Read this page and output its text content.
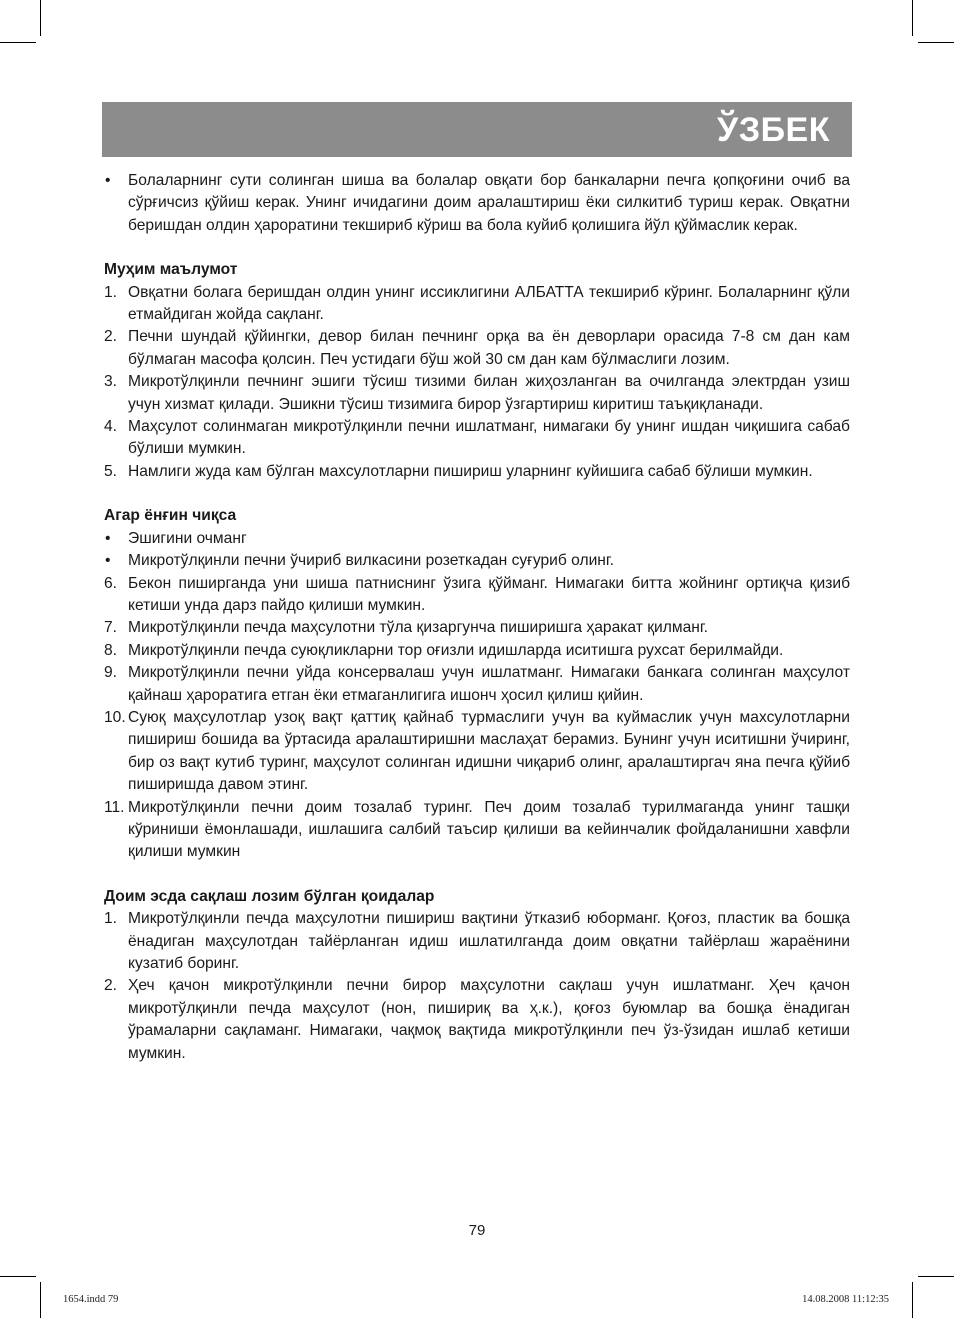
ЎЗБЕК
• Болаларнинг сути солинган шиша ва болалар овқати бор банкаларни печга қопқоғини очиб ва сўрғичсиз қўйиш керак. Унинг ичидагини доим аралаштириш ёки силкитиб туриш керак. Овқатни беришдан олдин ҳароратини текшириб кўриш ва бола куйиб қолишига йўл қўймаслик керак.
Муҳим маълумот
1. Овқатни болага беришдан олдин унинг иссиклигини АЛБАТТА текшириб кўринг. Болаларнинг қўли етмайдиган жойда сақланг.
2. Печни шундай қўйингки, девор билан печнинг орқа ва ён деворлари орасида 7-8 см дан кам бўлмаган масофа қолсин. Печ устидаги бўш жой 30 см дан кам бўлмаслиги лозим.
3. Микротўлқинли печнинг эшиги тўсиш тизими билан жиҳозланган ва очилганда электрдан узиш учун хизмат қилади. Эшикни тўсиш тизимига бирор ўзгартириш киритиш таъқиқланади.
4. Маҳсулот солинмаган микротўлқинли печни ишлатманг, нимагаки бу унинг ишдан чиқишига сабаб бўлиши мумкин.
5. Намлиги жуда кам бўлган махсулотларни пишириш уларнинг куйишига сабаб бўлиши мумкин.
Агар ёнғин чиқса
• Эшигини очманг
• Микротўлқинли печни ўчириб вилкасини розеткадан суғуриб олинг.
6. Бекон пиширганда уни шиша патниснинг ўзига қўйманг. Нимагаки битта жойнинг ортиқча қизиб кетиши унда дарз пайдо қилиши мумкин.
7. Микротўлқинли печда маҳсулотни тўла қизаргунча пиширишга ҳаракат қилманг.
8. Микротўлқинли печда суюқликларни тор оғизли идишларда иситишга рухсат берилмайди.
9. Микротўлқинли печни уйда консервалаш учун ишлатманг. Нимагаки банкага солинган маҳсулот қайнаш ҳароратига етган ёки етмаганлигига ишонч ҳосил қилиш қийин.
10. Суюқ маҳсулотлар узоқ вақт қаттиқ қайнаб турмаслиги учун ва куймаслик учун махсулотларни пишириш бошида ва ўртасида аралаштиришни маслаҳат берамиз. Бунинг учун иситишни ўчиринг, бир оз вақт кутиб туринг, маҳсулот солинган идишни чиқариб олинг, аралаштиргач яна печга қўйиб пиширишда давом этинг.
11. Микротўлқинли печни доим тозалаб туринг. Печ доим тозалаб турилмаганда унинг ташқи кўриниши ёмонлашади, ишлашига салбий таъсир қилиши ва кейинчалик фойдаланишни хавфли қилиши мумкин
Доим эсда сақлаш лозим бўлган қоидалар
1. Микротўлқинли печда маҳсулотни пишириш вақтини ўтказиб юборманг. Қоғоз, пластик ва бошқа ёнадиган маҳсулотдан тайёрланган идиш ишлатилганда доим овқатни тайёрлаш жараёнини кузатиб боринг.
2. Ҳеч қачон микротўлқинли печни бирор маҳсулотни сақлаш учун ишлатманг. Ҳеч қачон микротўлқинли печда маҳсулот (нон, пишириқ ва ҳ.к.), қоғоз буюмлар ва бошқа ёнадиган ўрамаларни сақламанг. Нимагаки, чақмоқ вақтида микротўлқинли печ ўз-ўзидан ишлаб кетиши мумкин.
79
1654.indd 79	14.08.2008 11:12:35
